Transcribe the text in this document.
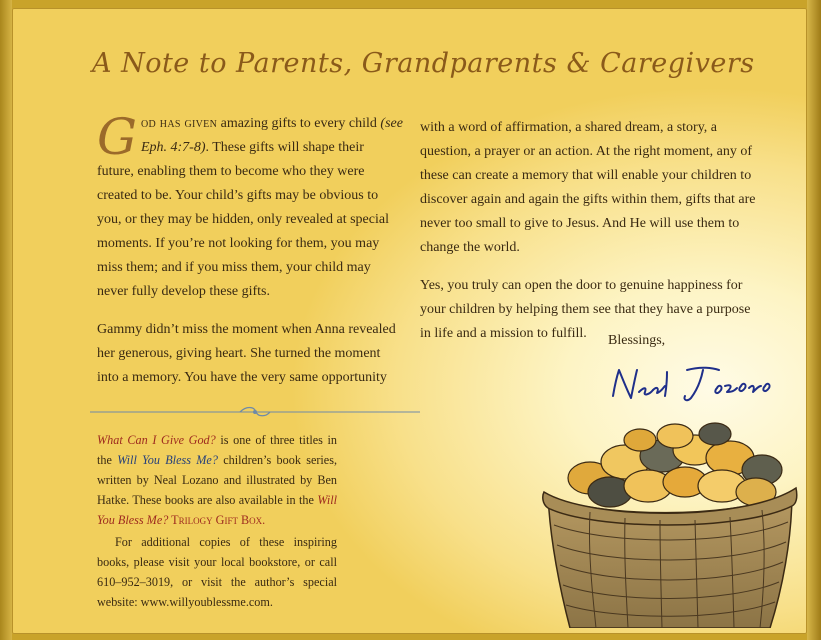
A Note to Parents, Grandparents & Caregivers

God has given amazing gifts to every child (see Eph. 4:7-8). These gifts will shape their future, enabling them to become who they were created to be. Your child’s gifts may be obvious to you, or they may be hidden, only revealed at special moments. If you’re not looking for them, you may miss them; and if you miss them, your child may never fully develop these gifts.

Gammy didn’t miss the moment when Anna revealed her generous, giving heart. She turned the moment into a memory. You have the very same opportunity

with a word of affirmation, a shared dream, a story, a question, a prayer or an action. At the right moment, any of these can create a memory that will enable your children to discover again and again the gifts within them, gifts that are never too small to give to Jesus. And He will use them to change the world.

Yes, you truly can open the door to genuine happiness for your children by helping them see that they have a purpose in life and a mission to fulfill.	Blessings,

What Can I Give God? is one of three titles in the Will You Bless Me? children’s book series, written by Neal Lozano and illustrated by Ben Hatke. These books are also available in the Will You Bless Me? Trilogy Gift Box.

For additional copies of these inspiring books, please visit your local bookstore, or call 610–952–3019, or visit the author’s special website: www.willyoublessme.com.
